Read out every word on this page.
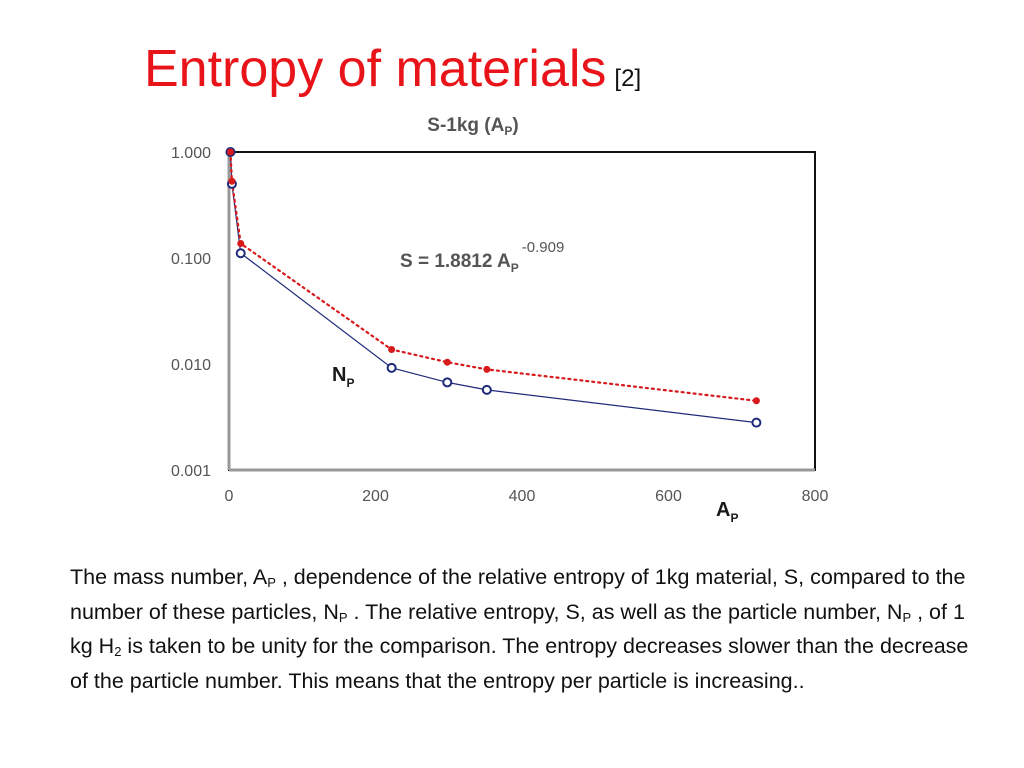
Entropy of materials [2]
S-1kg $(A_P)$
0	200	400	600	800
0.001
0.010
0.100
1.000
S = 1.8812 $A_P^{-0.909}$
$N_P$
$A_P$

The mass number, $A_P$ , dependence of the relative entropy of 1kg material, S, compared to the number of these particles, $N_P$ . The relative entropy, S, as well as the particle number, $N_P$ , of 1 kg $H_2$ is taken to be unity for the comparison. The entropy decreases slower than the decrease of the particle number. This means that the entropy per particle is increasing..
